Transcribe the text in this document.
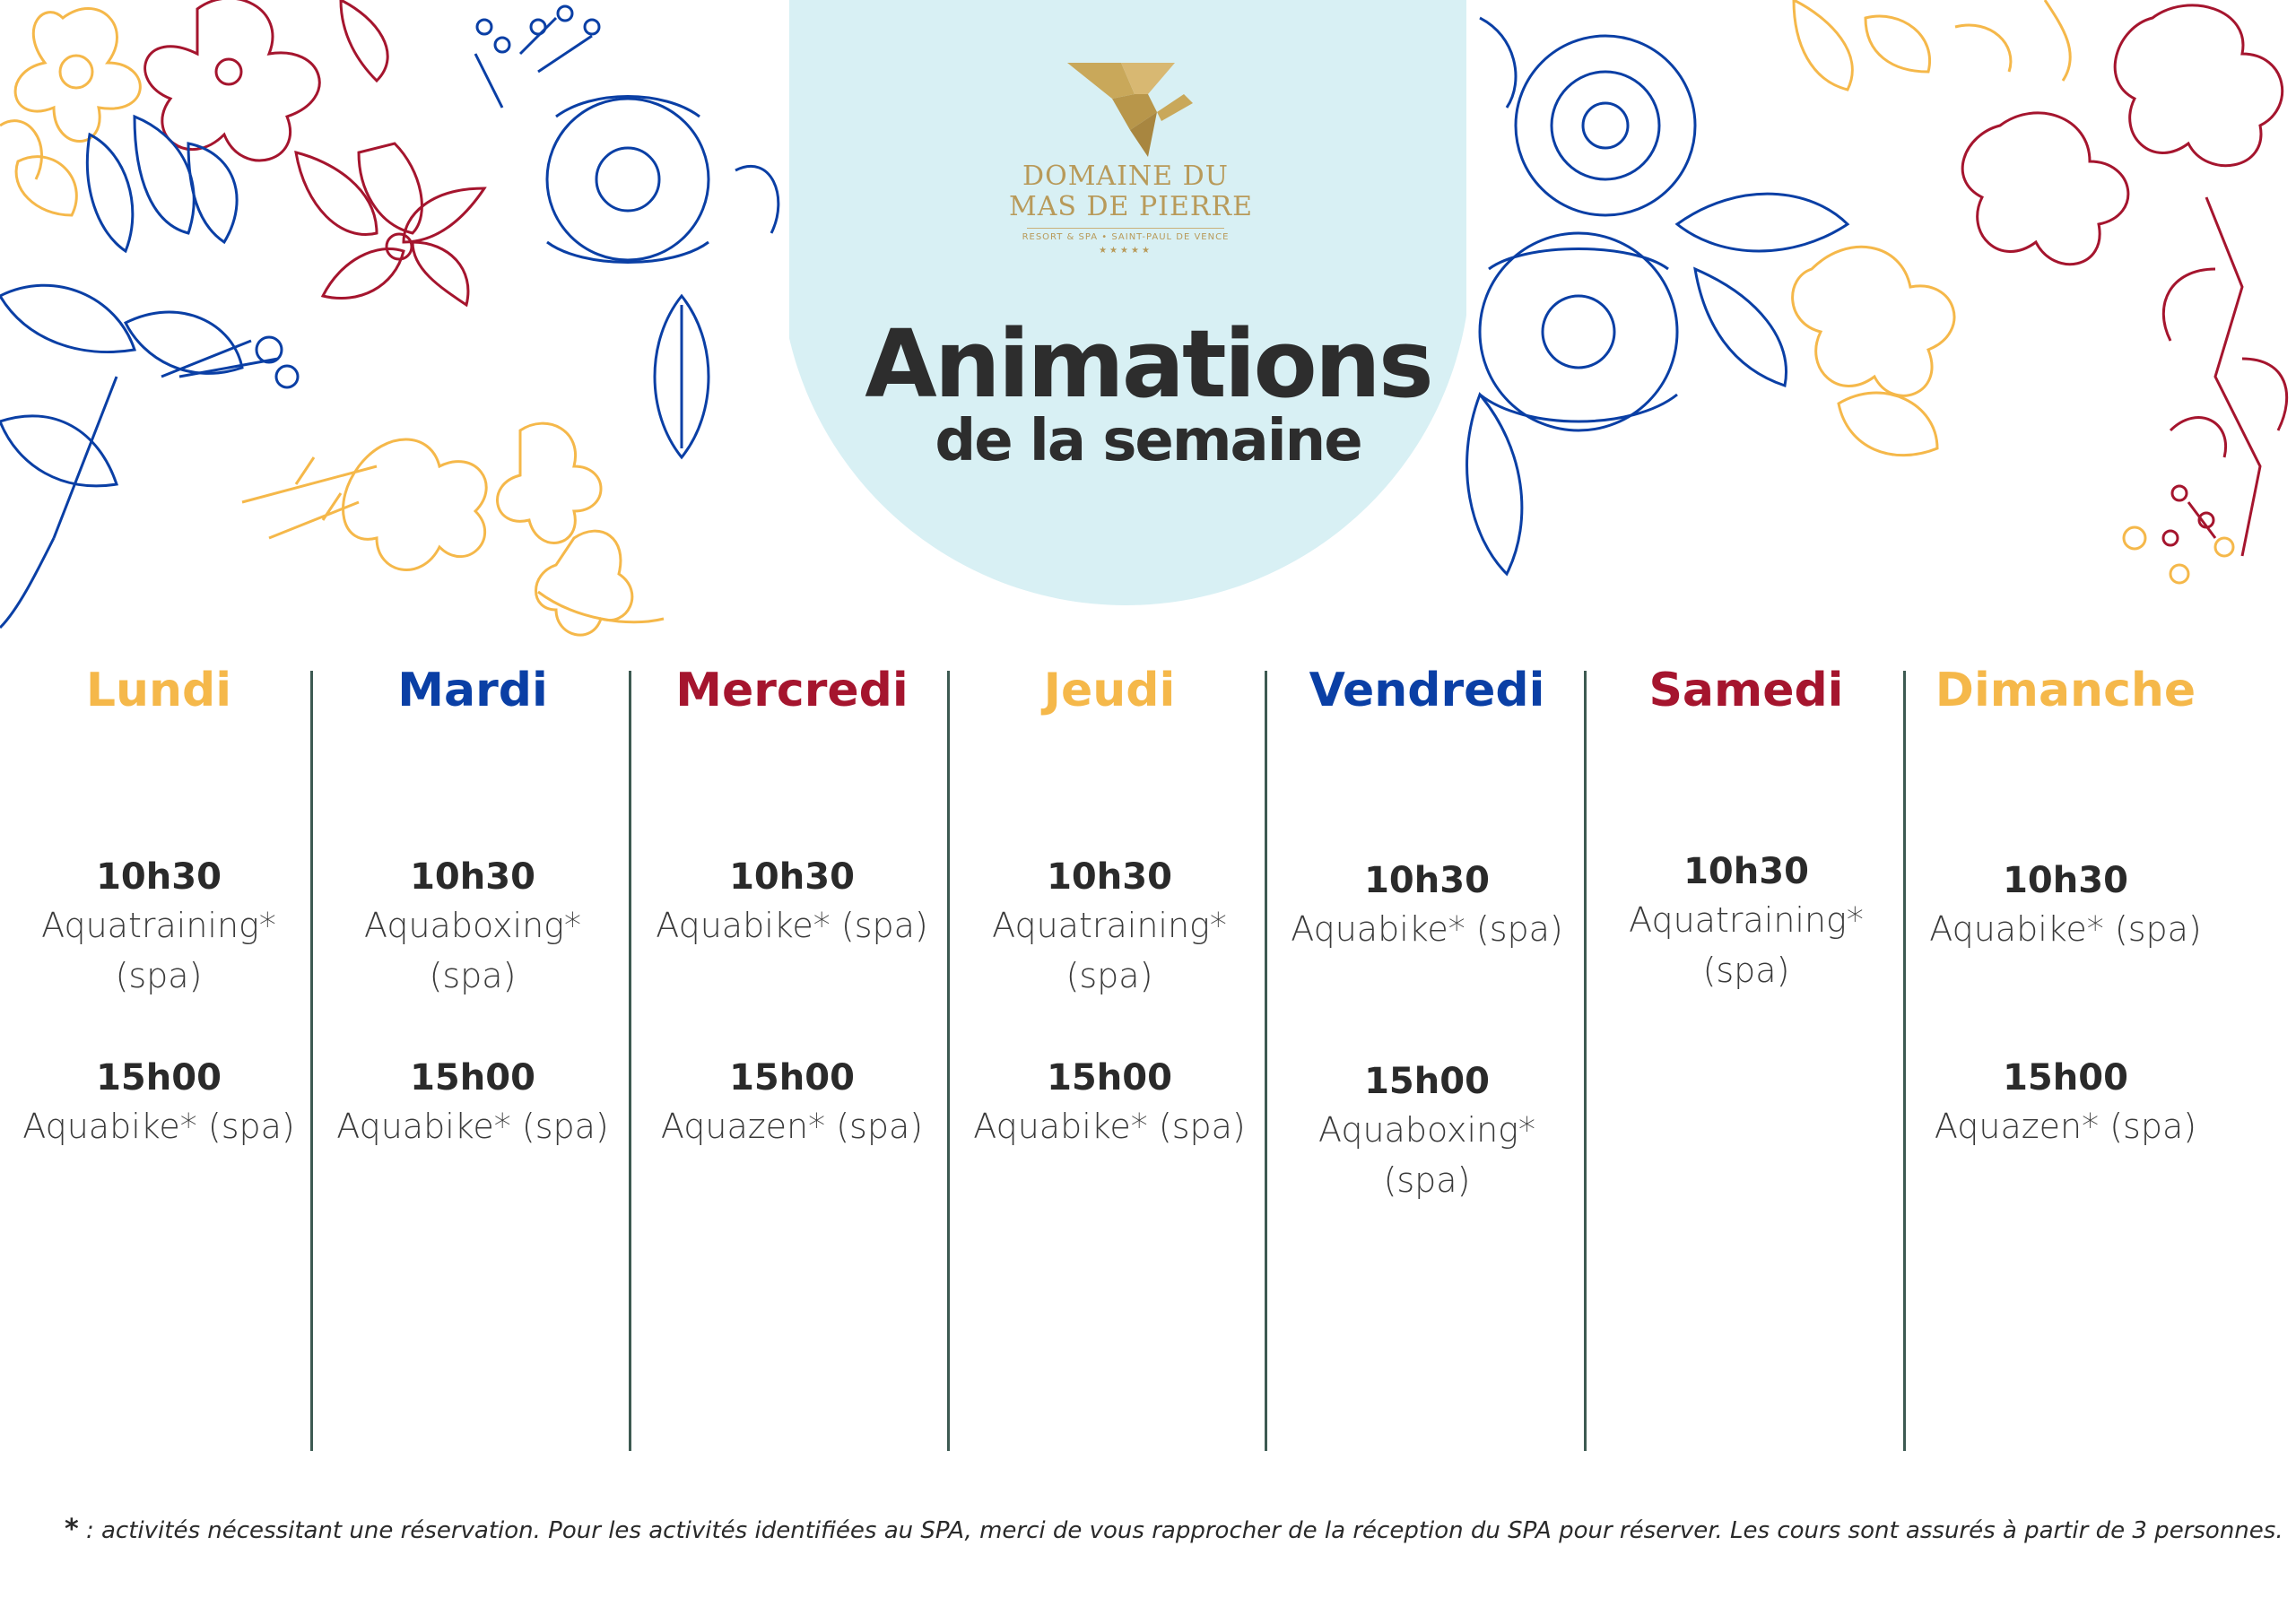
DOMAINE DU
MAS DE PIERRE
RESORT & SPA • SAINT-PAUL DE VENCE
★★★★★
Animations
de la semaine
Lundi
10h30
Aquatraining* (spa)
15h00
Aquabike* (spa)
Mardi
10h30
Aquaboxing* (spa)
15h00
Aquabike* (spa)
Mercredi
10h30
Aquabike* (spa)
15h00
Aquazen* (spa)
Jeudi
10h30
Aquatraining* (spa)
15h00
Aquabike* (spa)
Vendredi
10h30
Aquabike* (spa)
15h00
Aquaboxing* (spa)
Samedi
10h30
Aquatraining* (spa)
Dimanche
10h30
Aquabike* (spa)
15h00
Aquazen* (spa)
* : activités nécessitant une réservation. Pour les activités identifiées au SPA, merci de vous rapprocher de la réception du SPA pour réserver. Les cours sont assurés à partir de 3 personnes.
